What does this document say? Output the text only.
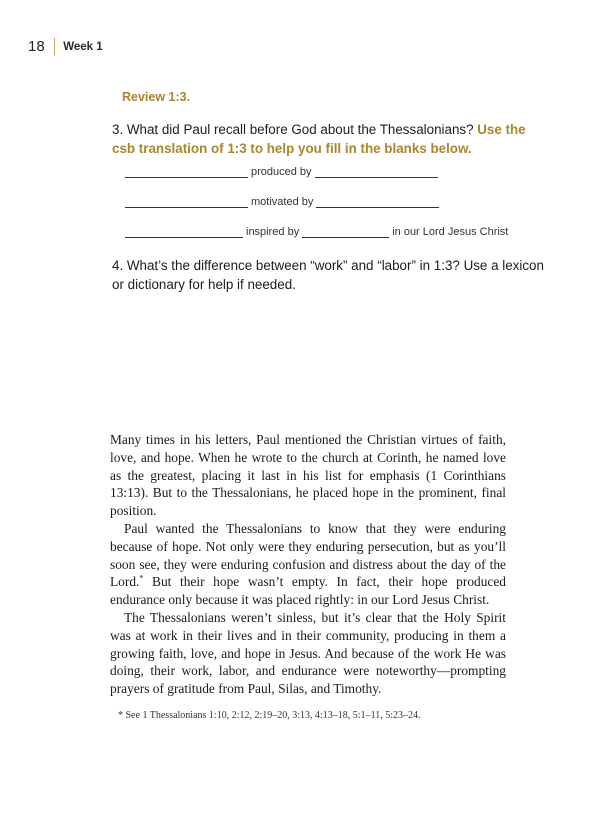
18 Week 1
Review 1:3.
3. What did Paul recall before God about the Thessalonians? Use the csb translation of 1:3 to help you fill in the blanks below.
produced by
motivated by
inspired by	in our Lord Jesus Christ
4. What’s the difference between “work” and “labor” in 1:3? Use a lexicon or dictionary for help if needed.

Many times in his letters, Paul mentioned the Christian virtues of faith, love, and hope. When he wrote to the church at Corinth, he named love as the greatest, placing it last in his list for emphasis (1 Corinthians 13:13). But to the Thessalonians, he placed hope in the prominent, final position.

Paul wanted the Thessalonians to know that they were enduring because of hope. Not only were they enduring persecution, but as you’ll soon see, they were enduring confusion and distress about the day of the Lord.* But their hope wasn’t empty. In fact, their hope produced endurance only because it was placed rightly: in our Lord Jesus Christ.

The Thessalonians weren’t sinless, but it’s clear that the Holy Spirit was at work in their lives and in their community, producing in them a growing faith, love, and hope in Jesus. And because of the work He was doing, their work, labor, and endurance were noteworthy—prompting prayers of gratitude from Paul, Silas, and Timothy.

* See 1 Thessalonians 1:10, 2:12, 2:19–20, 3:13, 4:13–18, 5:1–11, 5:23–24.
